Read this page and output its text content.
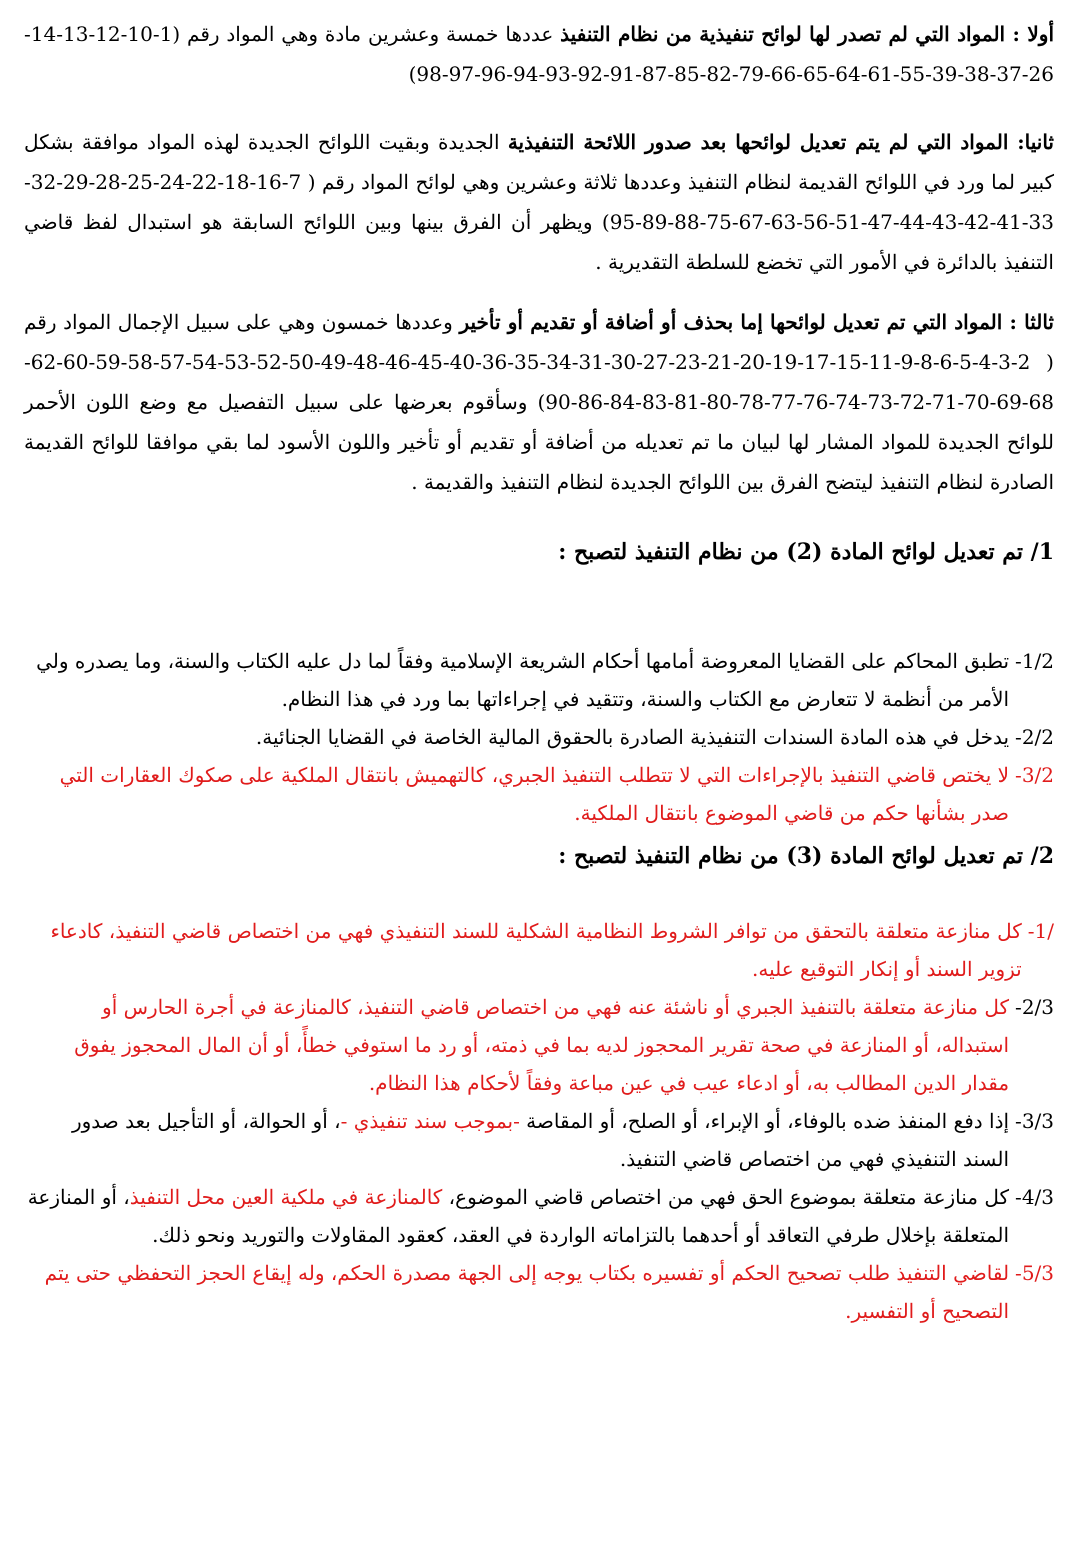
أولا : المواد التي لم تصدر لها لوائح تنفيذية من نظام التنفيذ عددها خمسة وعشرين مادة وهي المواد رقم (1-10-12-13-14-26-37-38-39-55-61-64-65-66-79-82-85-87-91-92-93-94-96-97-98)

ثانيا: المواد التي لم يتم تعديل لوائحها بعد صدور اللائحة التنفيذية الجديدة وبقيت اللوائح الجديدة لهذه المواد موافقة بشكل كبير لما ورد في اللوائح القديمة لنظام التنفيذ وعددها ثلاثة وعشرين وهي لوائح المواد رقم ( 7-16-18-22-24-25-28-29-32-33-41-42-43-44-47-51-56-63-67-75-88-89-95) ويظهر أن الفرق بينها وبين اللوائح السابقة هو استبدال لفظ قاضي التنفيذ بالدائرة في الأمور التي تخضع للسلطة التقديرية .

ثالثا : المواد التي تم تعديل لوائحها إما بحذف أو أضافة أو تقديم أو تأخير وعددها خمسون وهي على سبيل الإجمال المواد رقم ( 2-3-4-5-6-8-9-11-15-17-19-20-21-23-27-30-31-34-35-36-40-45-46-48-49-50-52-53-54-57-58-59-60-62-68-69-70-71-72-73-74-76-77-78-80-81-83-84-86-90) وسأقوم بعرضها على سبيل التفصيل مع وضع اللون الأحمر للوائح الجديدة للمواد المشار لها لبيان ما تم تعديله من أضافة أو تقديم أو تأخير واللون الأسود لما بقي موافقا للوائح القديمة الصادرة لنظام التنفيذ ليتضح الفرق بين اللوائح الجديدة لنظام التنفيذ والقديمة .

1/ تم تعديل لوائح المادة (2) من نظام التنفيذ لتصبح :
1/2-
تطبق المحاكم على القضايا المعروضة أمامها أحكام الشريعة الإسلامية وفقاً لما دل عليه الكتاب والسنة، وما يصدره ولي الأمر من أنظمة لا تتعارض مع الكتاب والسنة، وتتقيد في إجراءاتها بما ورد في هذا النظام.
2/2-
يدخل في هذه المادة السندات التنفيذية الصادرة بالحقوق المالية الخاصة في القضايا الجنائية.
3/2-
لا يختص قاضي التنفيذ بالإجراءات التي لا تتطلب التنفيذ الجبري، كالتهميش بانتقال الملكية على صكوك العقارات التي صدر بشأنها حكم من قاضي الموضوع بانتقال الملكية.
2/ تم تعديل لوائح المادة (3) من نظام التنفيذ لتصبح :
/1-
كل منازعة متعلقة بالتحقق من توافر الشروط النظامية الشكلية للسند التنفيذي فهي من اختصاص قاضي التنفيذ، كادعاء تزوير السند أو إنكار التوقيع عليه.
2/3-
كل منازعة متعلقة بالتنفيذ الجبري أو ناشئة عنه فهي من اختصاص قاضي التنفيذ، كالمنازعة في أجرة الحارس أو استبداله، أو المنازعة في صحة تقرير المحجوز لديه بما في ذمته، أو رد ما استوفي خطأً، أو أن المال المحجوز يفوق مقدار الدين المطالب به، أو ادعاء عيب في عين مباعة وفقاً لأحكام هذا النظام.
3/3-
إذا دفع المنفذ ضده بالوفاء، أو الإبراء، أو الصلح، أو المقاصة -بموجب سند تنفيذي -، أو الحوالة، أو التأجيل بعد صدور السند التنفيذي فهي من اختصاص قاضي التنفيذ.
4/3-
كل منازعة متعلقة بموضوع الحق فهي من اختصاص قاضي الموضوع، كالمنازعة في ملكية العين محل التنفيذ، أو المنازعة المتعلقة بإخلال طرفي التعاقد أو أحدهما بالتزاماته الواردة في العقد، كعقود المقاولات والتوريد ونحو ذلك.
5/3-
لقاضي التنفيذ طلب تصحيح الحكم أو تفسيره بكتاب يوجه إلى الجهة مصدرة الحكم، وله إيقاع الحجز التحفظي حتى يتم التصحيح أو التفسير.
